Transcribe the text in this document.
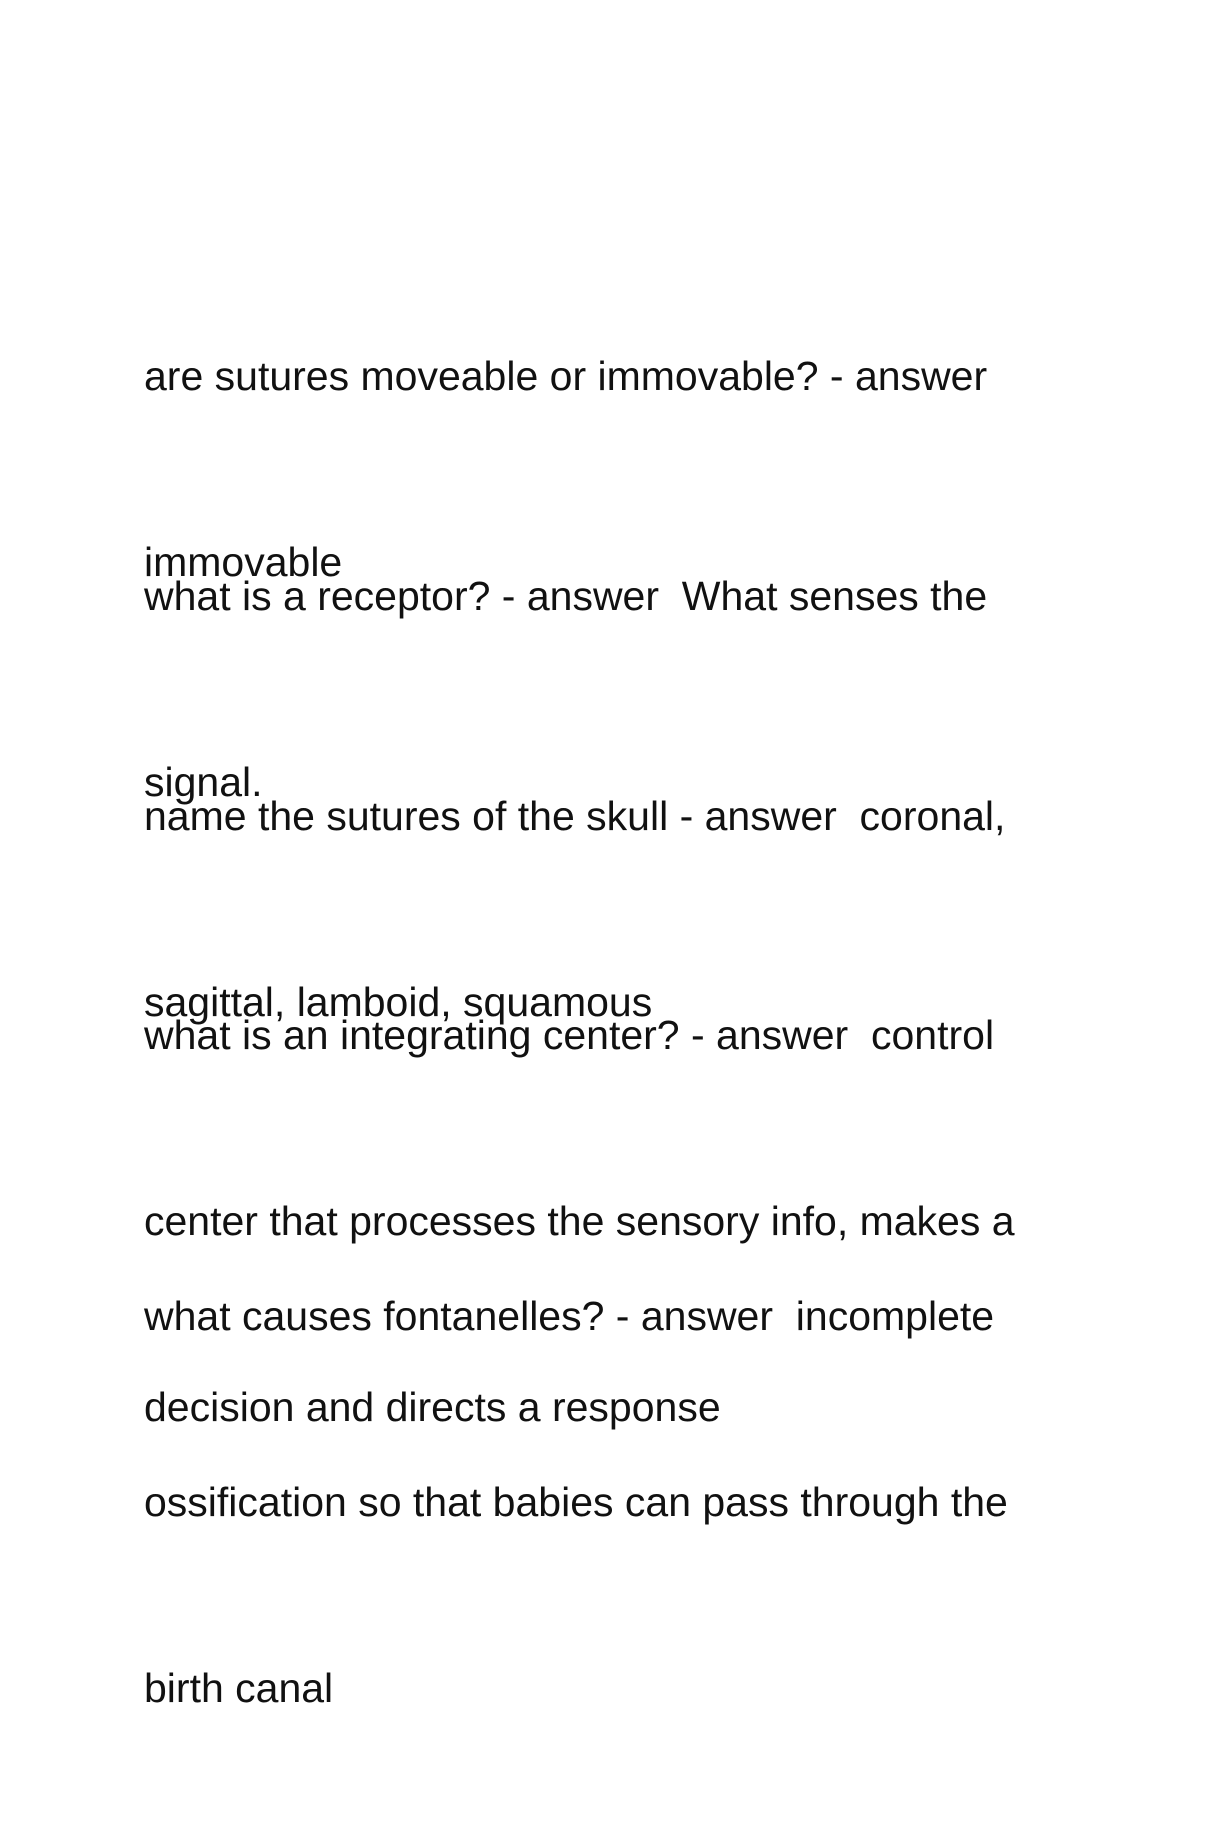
are sutures moveable or immovable? - answer

immovable

what is a receptor? - answer  What senses the

signal.

name the sutures of the skull - answer  coronal,

sagittal, lamboid, squamous

what is an integrating center? - answer  control

center that processes the sensory info, makes a

decision and directs a response

what causes fontanelles? - answer  incomplete

ossification so that babies can pass through the

birth canal
